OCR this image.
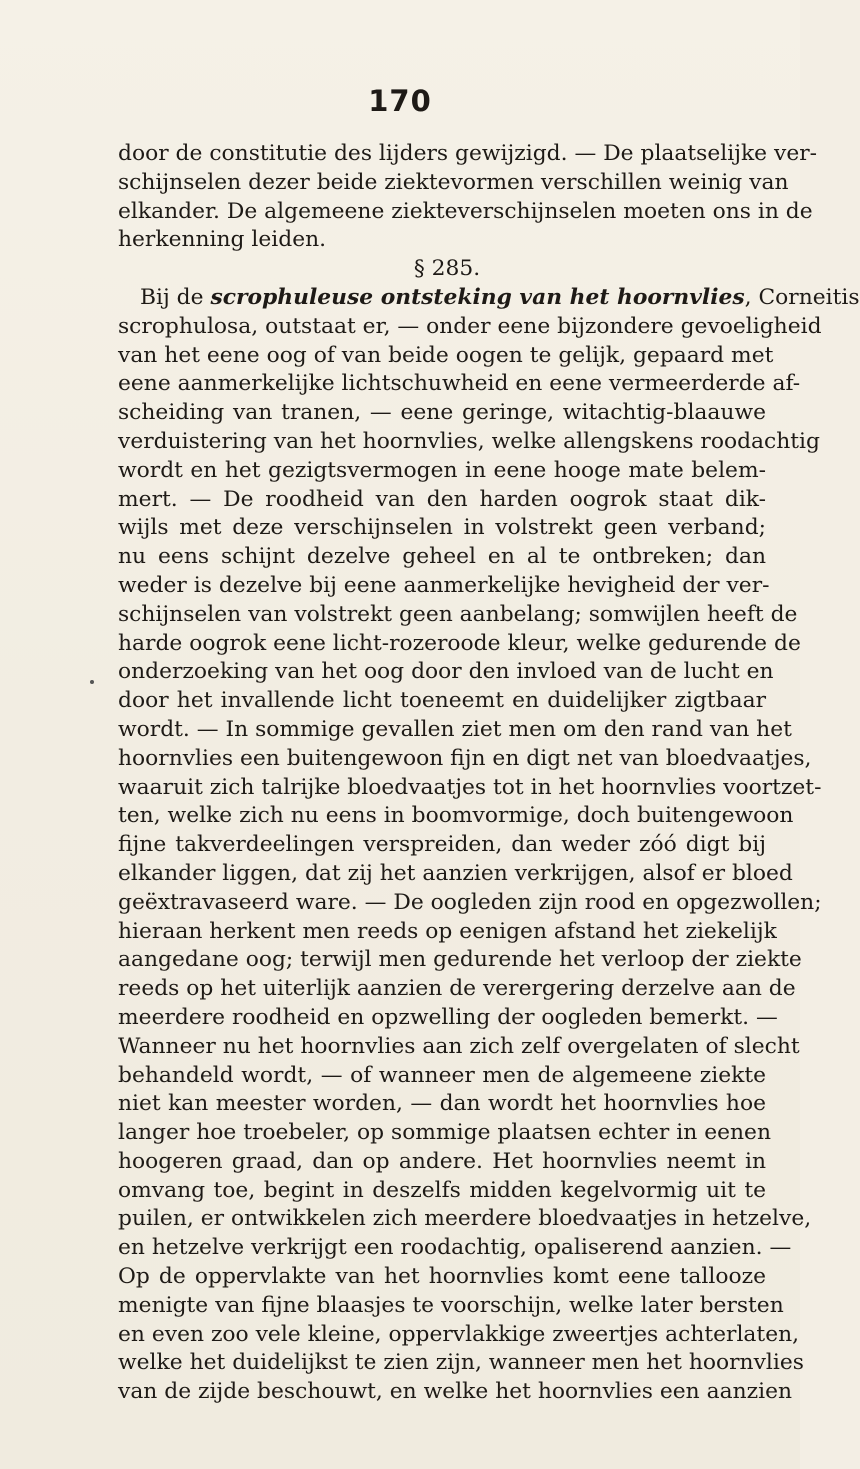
170
door de constitutie des lijders gewijzigd. — De plaatselijke ver-
schijnselen dezer beide ziektevormen verschillen weinig van
elkander. De algemeene ziekteverschijnselen moeten ons in de
herkenning leiden.
§ 285.
Bij de scrophuleuse ontsteking van het hoornvlies, Corneitis
scrophulosa, outstaat er, — onder eene bijzondere gevoeligheid
van het eene oog of van beide oogen te gelijk, gepaard met
eene aanmerkelijke lichtschuwheid en eene vermeerderde af-
scheiding van tranen, — eene geringe, witachtig-blaauwe
verduistering van het hoornvlies, welke allengskens roodachtig
wordt en het gezigtsvermogen in eene hooge mate belem-
mert. — De roodheid van den harden oogrok staat dik-
wijls met deze verschijnselen in volstrekt geen verband;
nu eens schijnt dezelve geheel en al te ontbreken; dan
weder is dezelve bij eene aanmerkelijke hevigheid der ver-
schijnselen van volstrekt geen aanbelang; somwijlen heeft de
harde oogrok eene licht-rozeroode kleur, welke gedurende de
onderzoeking van het oog door den invloed van de lucht en
door het invallende licht toeneemt en duidelijker zigtbaar
wordt. — In sommige gevallen ziet men om den rand van het
hoornvlies een buitengewoon fijn en digt net van bloedvaatjes,
waaruit zich talrijke bloedvaatjes tot in het hoornvlies voortzet-
ten, welke zich nu eens in boomvormige, doch buitengewoon
fijne takverdeelingen verspreiden, dan weder zóó digt bij
elkander liggen, dat zij het aanzien verkrijgen, alsof er bloed
geëxtravaseerd ware. — De oogleden zijn rood en opgezwollen;
hieraan herkent men reeds op eenigen afstand het ziekelijk
aangedane oog; terwijl men gedurende het verloop der ziekte
reeds op het uiterlijk aanzien de verergering derzelve aan de
meerdere roodheid en opzwelling der oogleden bemerkt. —
Wanneer nu het hoornvlies aan zich zelf overgelaten of slecht
behandeld wordt, — of wanneer men de algemeene ziekte
niet kan meester worden, — dan wordt het hoornvlies hoe
langer hoe troebeler, op sommige plaatsen echter in eenen
hoogeren graad, dan op andere. Het hoornvlies neemt in
omvang toe, begint in deszelfs midden kegelvormig uit te
puilen, er ontwikkelen zich meerdere bloedvaatjes in hetzelve,
en hetzelve verkrijgt een roodachtig, opaliserend aanzien. —
Op de oppervlakte van het hoornvlies komt eene tallooze
menigte van fijne blaasjes te voorschijn, welke later bersten
en even zoo vele kleine, oppervlakkige zweertjes achterlaten,
welke het duidelijkst te zien zijn, wanneer men het hoornvlies
van de zijde beschouwt, en welke het hoornvlies een aanzien
